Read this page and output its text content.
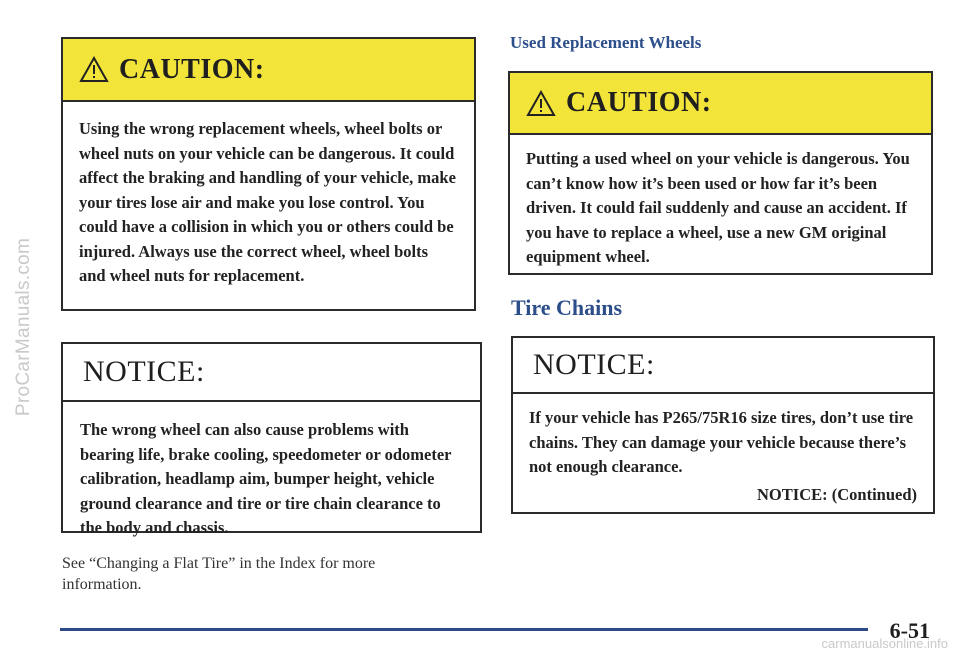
ProCarManuals.com
CAUTION:
Using the wrong replacement wheels, wheel bolts or wheel nuts on your vehicle can be dangerous. It could affect the braking and handling of your vehicle, make your tires lose air and make you lose control. You could have a collision in which you or others could be injured. Always use the correct wheel, wheel bolts and wheel nuts for replacement.
NOTICE:
The wrong wheel can also cause problems with bearing life, brake cooling, speedometer or odometer calibration, headlamp aim, bumper height, vehicle ground clearance and tire or tire chain clearance to the body and chassis.
See “Changing a Flat Tire” in the Index for more information.
Used Replacement Wheels
CAUTION:
Putting a used wheel on your vehicle is dangerous. You can’t know how it’s been used or how far it’s been driven. It could fail suddenly and cause an accident. If you have to replace a wheel, use a new GM original equipment wheel.
Tire Chains
NOTICE:
If your vehicle has P265/75R16 size tires, don’t use tire chains. They can damage your vehicle because there’s not enough clearance.
NOTICE: (Continued)
6-51
carmanualsonline.info
